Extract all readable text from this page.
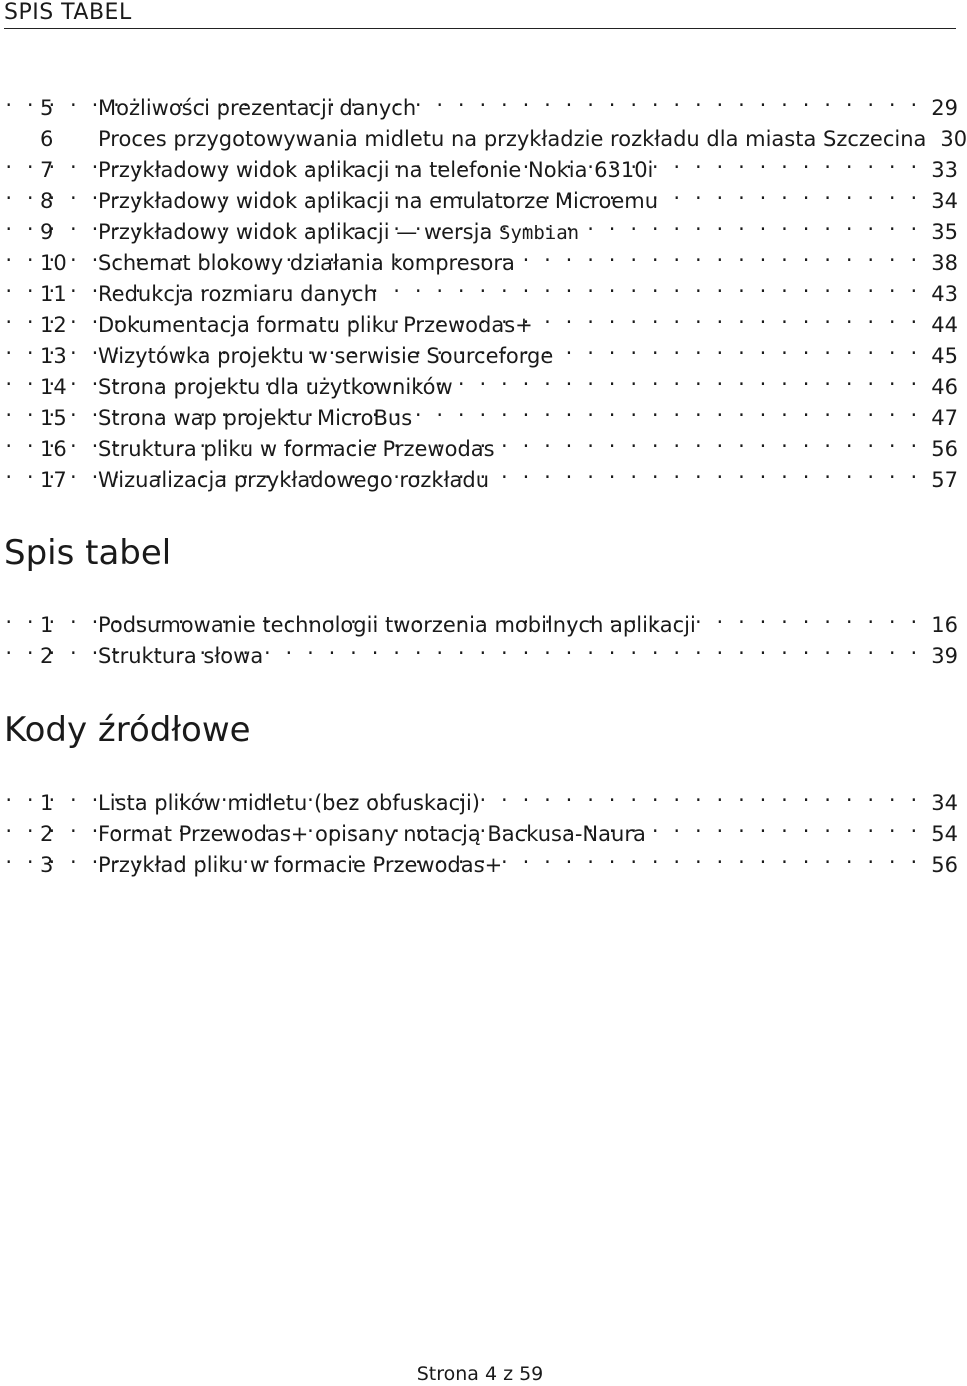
SPIS TABEL
5	Możliwości prezentacji danych . . .	29
6	Proces przygotowywania midletu na przykładzie rozkładu dla miasta Szczecina 30
7	Przykładowy widok aplikacji na telefonie Nokia 6310i . . .	33
8	Przykładowy widok aplikacji na emulatorze Microemu . . .	34
9	Przykładowy widok aplikacji — wersja Symbian . . .	35
10	Schemat blokowy działania kompresora . . .	38
11	Redukcja rozmiaru danych . . .	43
12	Dokumentacja formatu pliku Przewodas+ . . .	44
13	Wizytówka projektu w serwisie Sourceforge . . .	45
14	Strona projektu dla użytkowników . . .	46
15	Strona wap projektu MicroBus . . .	47
16	Struktura pliku w formacie Przewodas . . .	56
17	Wizualizacja przykładowego rozkładu . . .	57
Spis tabel
1	Podsumowanie technologii tworzenia mobilnych aplikacji . . .	16
2	Struktura słowa . . .	39
Kody źródłowe
1	Lista plików midletu (bez obfuskacji) . . .	34
2	Format Przewodas+ opisany notacją Backusa-Naura . . .	54
3	Przykład pliku w formacie Przewodas+ . . .	56
Strona 4 z 59
